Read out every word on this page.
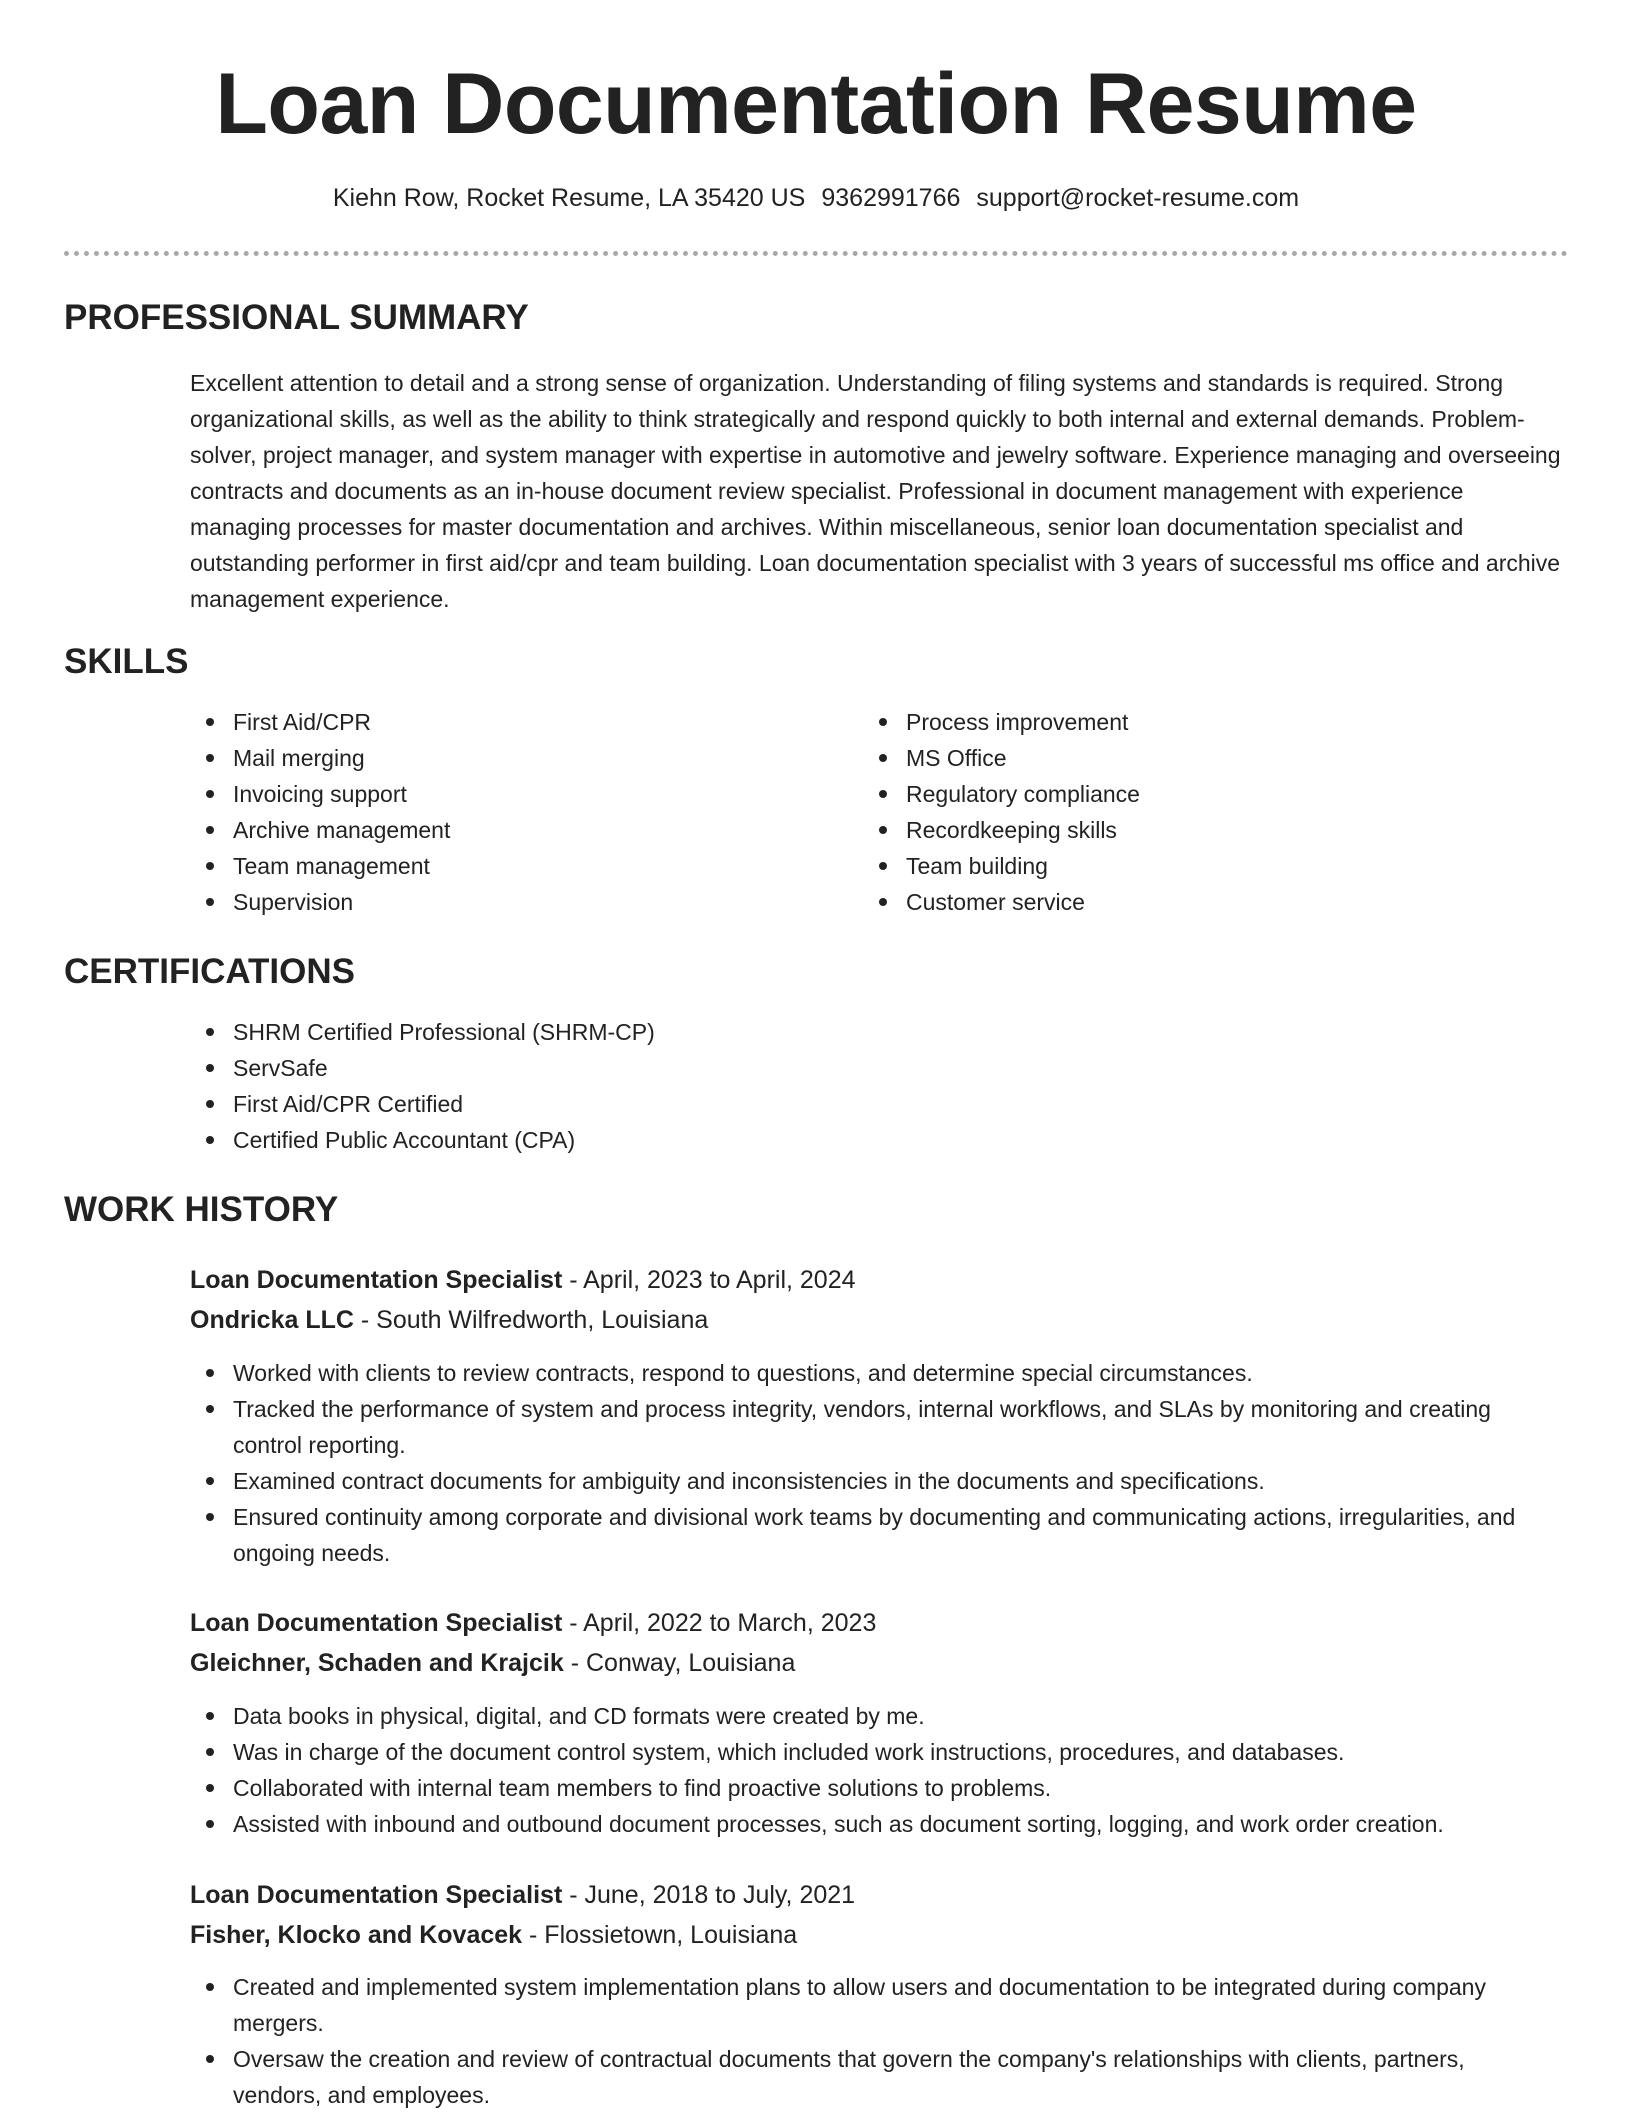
Loan Documentation Resume
Kiehn Row, Rocket Resume, LA 35420 US 9362991766 support@rocket-resume.com
PROFESSIONAL SUMMARY

Excellent attention to detail and a strong sense of organization. Understanding of filing systems and standards is required. Strong organizational skills, as well as the ability to think strategically and respond quickly to both internal and external demands. Problem-solver, project manager, and system manager with expertise in automotive and jewelry software. Experience managing and overseeing contracts and documents as an in-house document review specialist. Professional in document management with experience managing processes for master documentation and archives. Within miscellaneous, senior loan documentation specialist and outstanding performer in first aid/cpr and team building. Loan documentation specialist with 3 years of successful ms office and archive management experience.

SKILLS
First Aid/CPR
Mail merging
Invoicing support
Archive management
Team management
Supervision
Process improvement
MS Office
Regulatory compliance
Recordkeeping skills
Team building
Customer service
CERTIFICATIONS
SHRM Certified Professional (SHRM-CP)
ServSafe
First Aid/CPR Certified
Certified Public Accountant (CPA)
WORK HISTORY
Loan Documentation Specialist - April, 2023 to April, 2024
Ondricka LLC - South Wilfredworth, Louisiana
Worked with clients to review contracts, respond to questions, and determine special circumstances.
Tracked the performance of system and process integrity, vendors, internal workflows, and SLAs by monitoring and creating control reporting.
Examined contract documents for ambiguity and inconsistencies in the documents and specifications.
Ensured continuity among corporate and divisional work teams by documenting and communicating actions, irregularities, and ongoing needs.
Loan Documentation Specialist - April, 2022 to March, 2023
Gleichner, Schaden and Krajcik - Conway, Louisiana
Data books in physical, digital, and CD formats were created by me.
Was in charge of the document control system, which included work instructions, procedures, and databases.
Collaborated with internal team members to find proactive solutions to problems.
Assisted with inbound and outbound document processes, such as document sorting, logging, and work order creation.
Loan Documentation Specialist - June, 2018 to July, 2021
Fisher, Klocko and Kovacek - Flossietown, Louisiana
Created and implemented system implementation plans to allow users and documentation to be integrated during company mergers.
Oversaw the creation and review of contractual documents that govern the company's relationships with clients, partners, vendors, and employees.
